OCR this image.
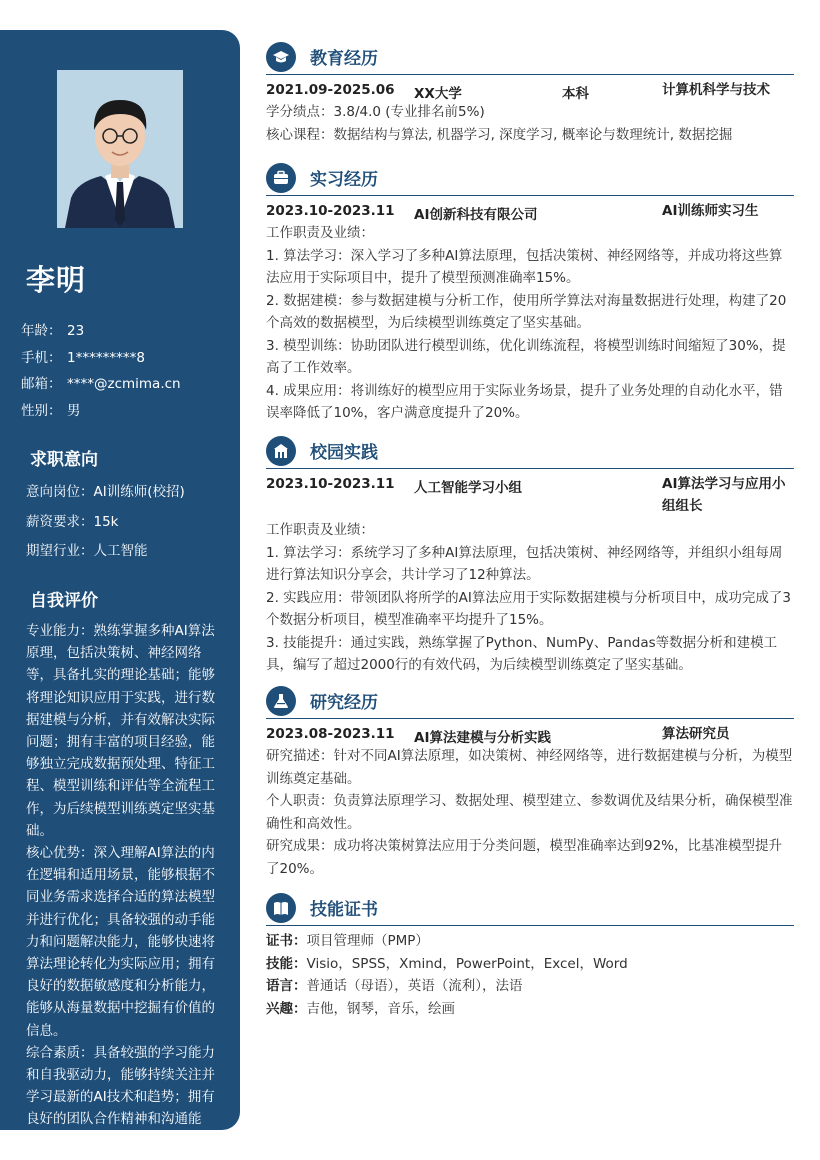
李明
年龄： 23
手机： 1*********8
邮箱： ****@zcmima.cn
性别： 男
求职意向
意向岗位：AI训练师(校招)
薪资要求：15k
期望行业：人工智能
自我评价

专业能力：熟练掌握多种AI算法原理，包括决策树、神经网络等，具备扎实的理论基础；能够将理论知识应用于实践，进行数据建模与分析，并有效解决实际问题；拥有丰富的项目经验，能够独立完成数据预处理、特征工程、模型训练和评估等全流程工作，为后续模型训练奠定坚实基础。

核心优势：深入理解AI算法的内在逻辑和适用场景，能够根据不同业务需求选择合适的算法模型并进行优化；具备较强的动手能力和问题解决能力，能够快速将算法理论转化为实际应用；拥有良好的数据敏感度和分析能力，能够从海量数据中挖掘有价值的信息。

综合素质：具备较强的学习能力和自我驱动力，能够持续关注并学习最新的AI技术和趋势；拥有良好的团队合作精神和沟通能力，能够与团队成员高效协作。

教育经历
2021.09-2025.06 XX大学	本科	计算机科学与技术

学分绩点：3.8/4.0 (专业排名前5%)

核心课程：数据结构与算法, 机器学习, 深度学习, 概率论与数理统计, 数据挖掘

实习经历
2023.10-2023.11 AI创新科技有限公司	AI训练师实习生

工作职责及业绩：

1. 算法学习：深入学习了多种AI算法原理，包括决策树、神经网络等，并成功将这些算法应用于实际项目中，提升了模型预测准确率15%。

2. 数据建模：参与数据建模与分析工作，使用所学算法对海量数据进行处理，构建了20个高效的数据模型，为后续模型训练奠定了坚实基础。

3. 模型训练：协助团队进行模型训练，优化训练流程，将模型训练时间缩短了30%，提高了工作效率。

4. 成果应用：将训练好的模型应用于实际业务场景，提升了业务处理的自动化水平，错误率降低了10%，客户满意度提升了20%。

校园实践
2023.10-2023.11 人工智能学习小组	AI算法学习与应用小组组长

工作职责及业绩：

1. 算法学习：系统学习了多种AI算法原理，包括决策树、神经网络等，并组织小组每周进行算法知识分享会，共计学习了12种算法。

2. 实践应用：带领团队将所学的AI算法应用于实际数据建模与分析项目中，成功完成了3个数据分析项目，模型准确率平均提升了15%。

3. 技能提升：通过实践，熟练掌握了Python、NumPy、Pandas等数据分析和建模工具，编写了超过2000行的有效代码，为后续模型训练奠定了坚实基础。

研究经历
2023.08-2023.11 AI算法建模与分析实践	算法研究员

研究描述：针对不同AI算法原理，如决策树、神经网络等，进行数据建模与分析，为模型训练奠定基础。

个人职责：负责算法原理学习、数据处理、模型建立、参数调优及结果分析，确保模型准确性和高效性。

研究成果：成功将决策树算法应用于分类问题，模型准确率达到92%，比基准模型提升了20%。

技能证书

证书：项目管理师（PMP）

技能：Visio，SPSS，Xmind，PowerPoint，Excel，Word

语言：普通话（母语），英语（流利），法语

兴趣：吉他，钢琴，音乐，绘画
